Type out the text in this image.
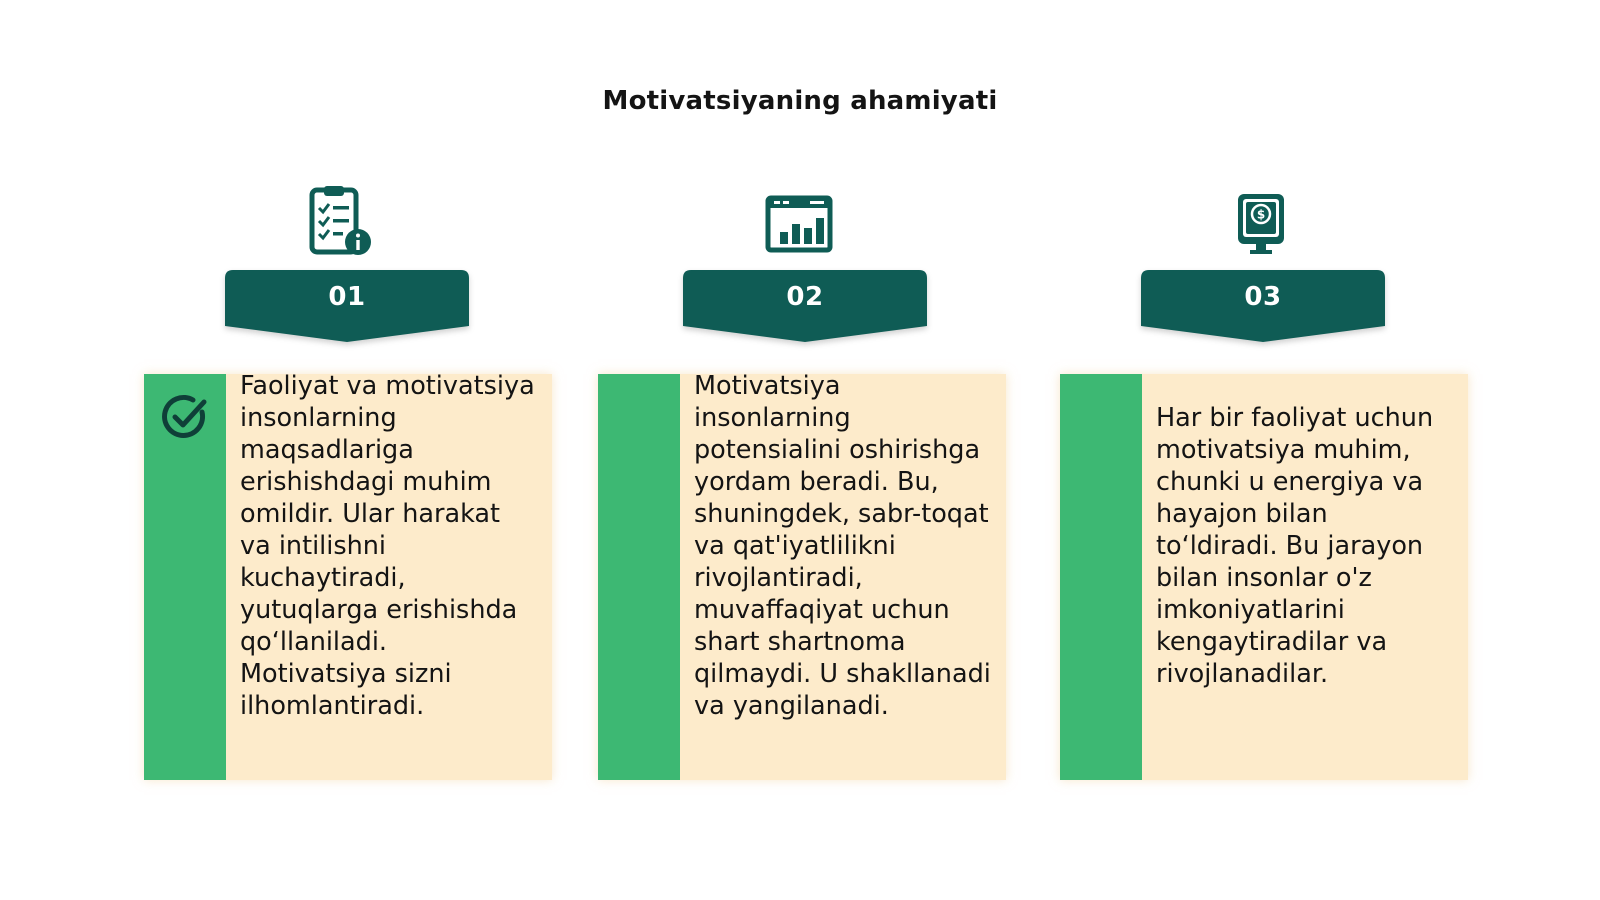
Motivatsiyaning ahamiyati
01
Faoliyat va motivatsiya insonlarning maqsadlariga erishishdagi muhim omildir. Ular harakat va intilishni kuchaytiradi, yutuqlarga erishishda qo‘llaniladi. Motivatsiya sizni ilhomlantiradi.
02
Motivatsiya insonlarning potensialini oshirishga yordam beradi. Bu, shuningdek, sabr-toqat va qat'iyatlilikni rivojlantiradi, muvaffaqiyat uchun shart shartnoma qilmaydi. U shakllanadi va yangilanadi.
$
03
Har bir faoliyat uchun motivatsiya muhim, chunki u energiya va hayajon bilan to‘ldiradi. Bu jarayon bilan insonlar o'z imkoniyatlarini kengaytiradilar va rivojlanadilar.
